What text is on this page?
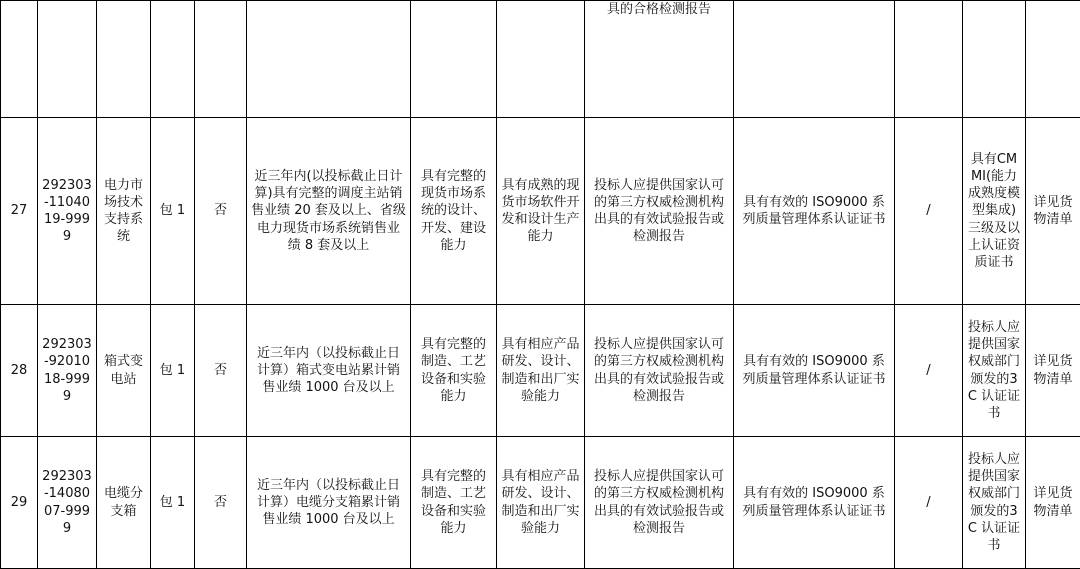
								具的合格检测报告				
27	292303-1104019-9999	电力市场技术支持系统	包 1	否	近三年内(以投标截止日计算)具有完整的调度主站销售业绩 20 套及以上、省级电力现货市场系统销售业绩 8 套及以上	具有完整的现货市场系统的设计、开发、建设能力	具有成熟的现货市场软件开发和设计生产能力	投标人应提供国家认可的第三方权威检测机构出具的有效试验报告或检测报告	具有有效的 ISO9000 系列质量管理体系认证证书	/	具有CMMI(能力成熟度模型集成)三级及以上认证资质证书	详见货物清单
28	292303-9201018-9999	箱式变电站	包 1	否	近三年内（以投标截止日计算）箱式变电站累计销售业绩 1000 台及以上	具有完整的制造、工艺设备和实验能力	具有相应产品研发、设计、制造和出厂实验能力	投标人应提供国家认可的第三方权威检测机构出具的有效试验报告或检测报告	具有有效的 ISO9000 系列质量管理体系认证证书	/	投标人应提供国家权威部门颁发的3C 认证证书	详见货物清单
29	292303-1408007-9999	电缆分支箱	包 1	否	近三年内（以投标截止日计算）电缆分支箱累计销售业绩 1000 台及以上	具有完整的制造、工艺设备和实验能力	具有相应产品研发、设计、制造和出厂实验能力	投标人应提供国家认可的第三方权威检测机构出具的有效试验报告或检测报告	具有有效的 ISO9000 系列质量管理体系认证证书	/	投标人应提供国家权威部门颁发的3C 认证证书	详见货物清单
